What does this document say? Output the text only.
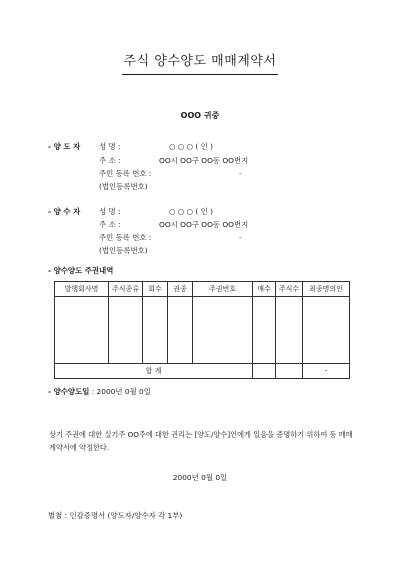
주식 양수양도 매매계약서
OOO 귀중
- 양 도 자	성 명 :	○ ○ ○ ( 인 )
주 소 :	OO시 OO구 OO동 OO번지
주민 등록 번호 :	-
(법인등록번호)
- 양 수 자	성 명 :	○ ○ ○ ( 인 )
주 소 :	OO시 OO구 OO동 OO번지
주민 등록 번호 :	-
(법인등록번호)
- 양수양도 주권내역
발행회사명	주식종류	회수	권종	주권번호	매수	주식수	최종명의인

합 계							-
- 양수양도일 : 2000년 0월 0일
상기 주권에 대한 실기주 OO주에 대한 권리는 [양도/양수]인에게 있음을 증명하기 위하여 동 매매계약서에 약정한다.
2000년 0월 0일
별첨 : 인감증명서 (양도자/양수자 각 1부)
